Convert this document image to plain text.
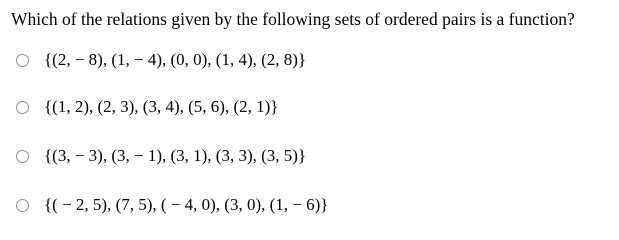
Which of the relations given by the following sets of ordered pairs is a function?
{(2, − 8), (1, − 4), (0, 0), (1, 4), (2, 8)}
{(1, 2), (2, 3), (3, 4), (5, 6), (2, 1)}
{(3, − 3), (3, − 1), (3, 1), (3, 3), (3, 5)}
{( − 2, 5), (7, 5), ( − 4, 0), (3, 0), (1, − 6)}
